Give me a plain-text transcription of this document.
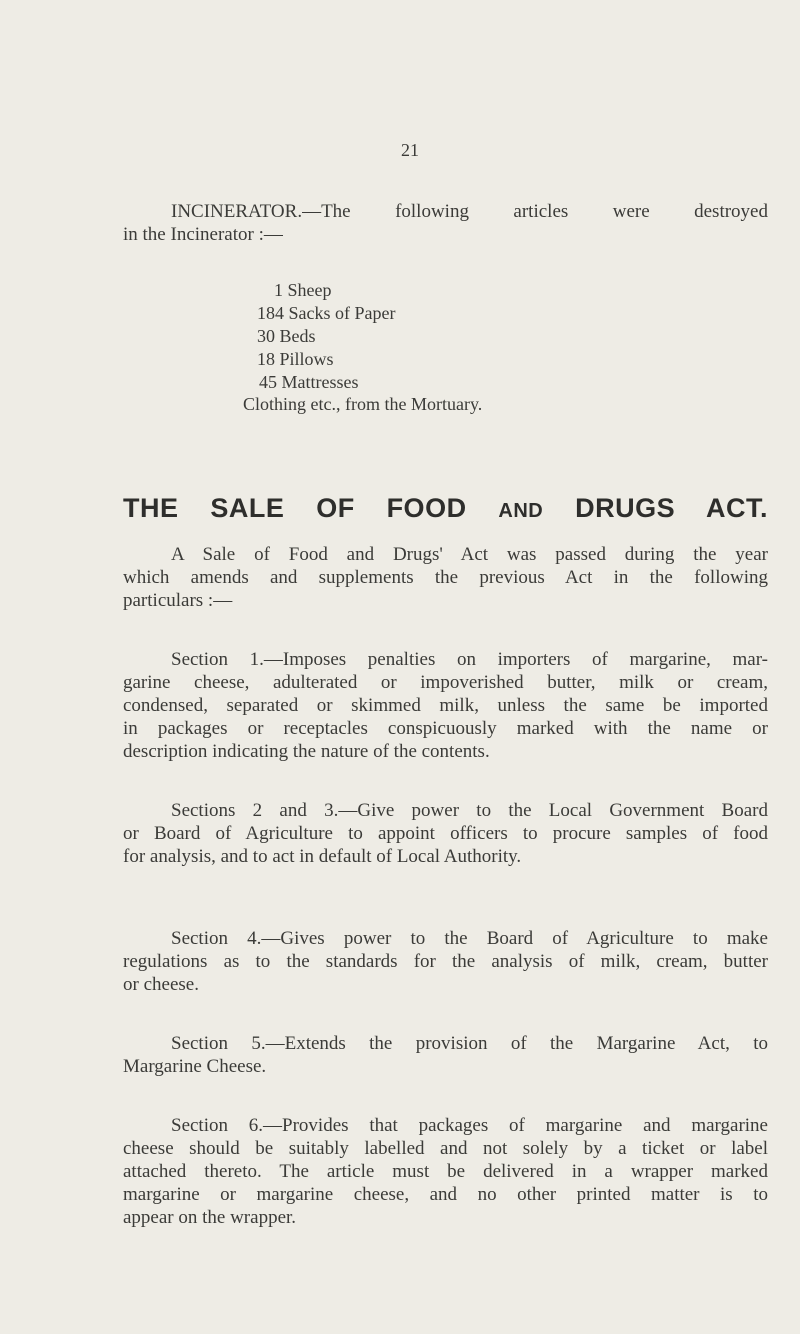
21
INCINERATOR.—The following articles were destroyed
in the Incinerator :—
1 Sheep
184 Sacks of Paper
30 Beds
18 Pillows
45 Mattresses
Clothing etc., from the Mortuary.
THE SALE OF FOOD AND DRUGS ACT.
A Sale of Food and Drugs' Act was passed during the year
which amends and supplements the previous Act in the following
particulars :—
Section 1.—Imposes penalties on importers of margarine, mar-
garine cheese, adulterated or impoverished butter, milk or cream,
condensed, separated or skimmed milk, unless the same be imported
in packages or receptacles conspicuously marked with the name or
description indicating the nature of the contents.
Sections 2 and 3.—Give power to the Local Government Board
or Board of Agriculture to appoint officers to procure samples of food
for analysis, and to act in default of Local Authority.
Section 4.—Gives power to the Board of Agriculture to make
regulations as to the standards for the analysis of milk, cream, butter
or cheese.
Section 5.—Extends the provision of the Margarine Act, to
Margarine Cheese.
Section 6.—Provides that packages of margarine and margarine
cheese should be suitably labelled and not solely by a ticket or label
attached thereto. The article must be delivered in a wrapper marked
margarine or margarine cheese, and no other printed matter is to
appear on the wrapper.
